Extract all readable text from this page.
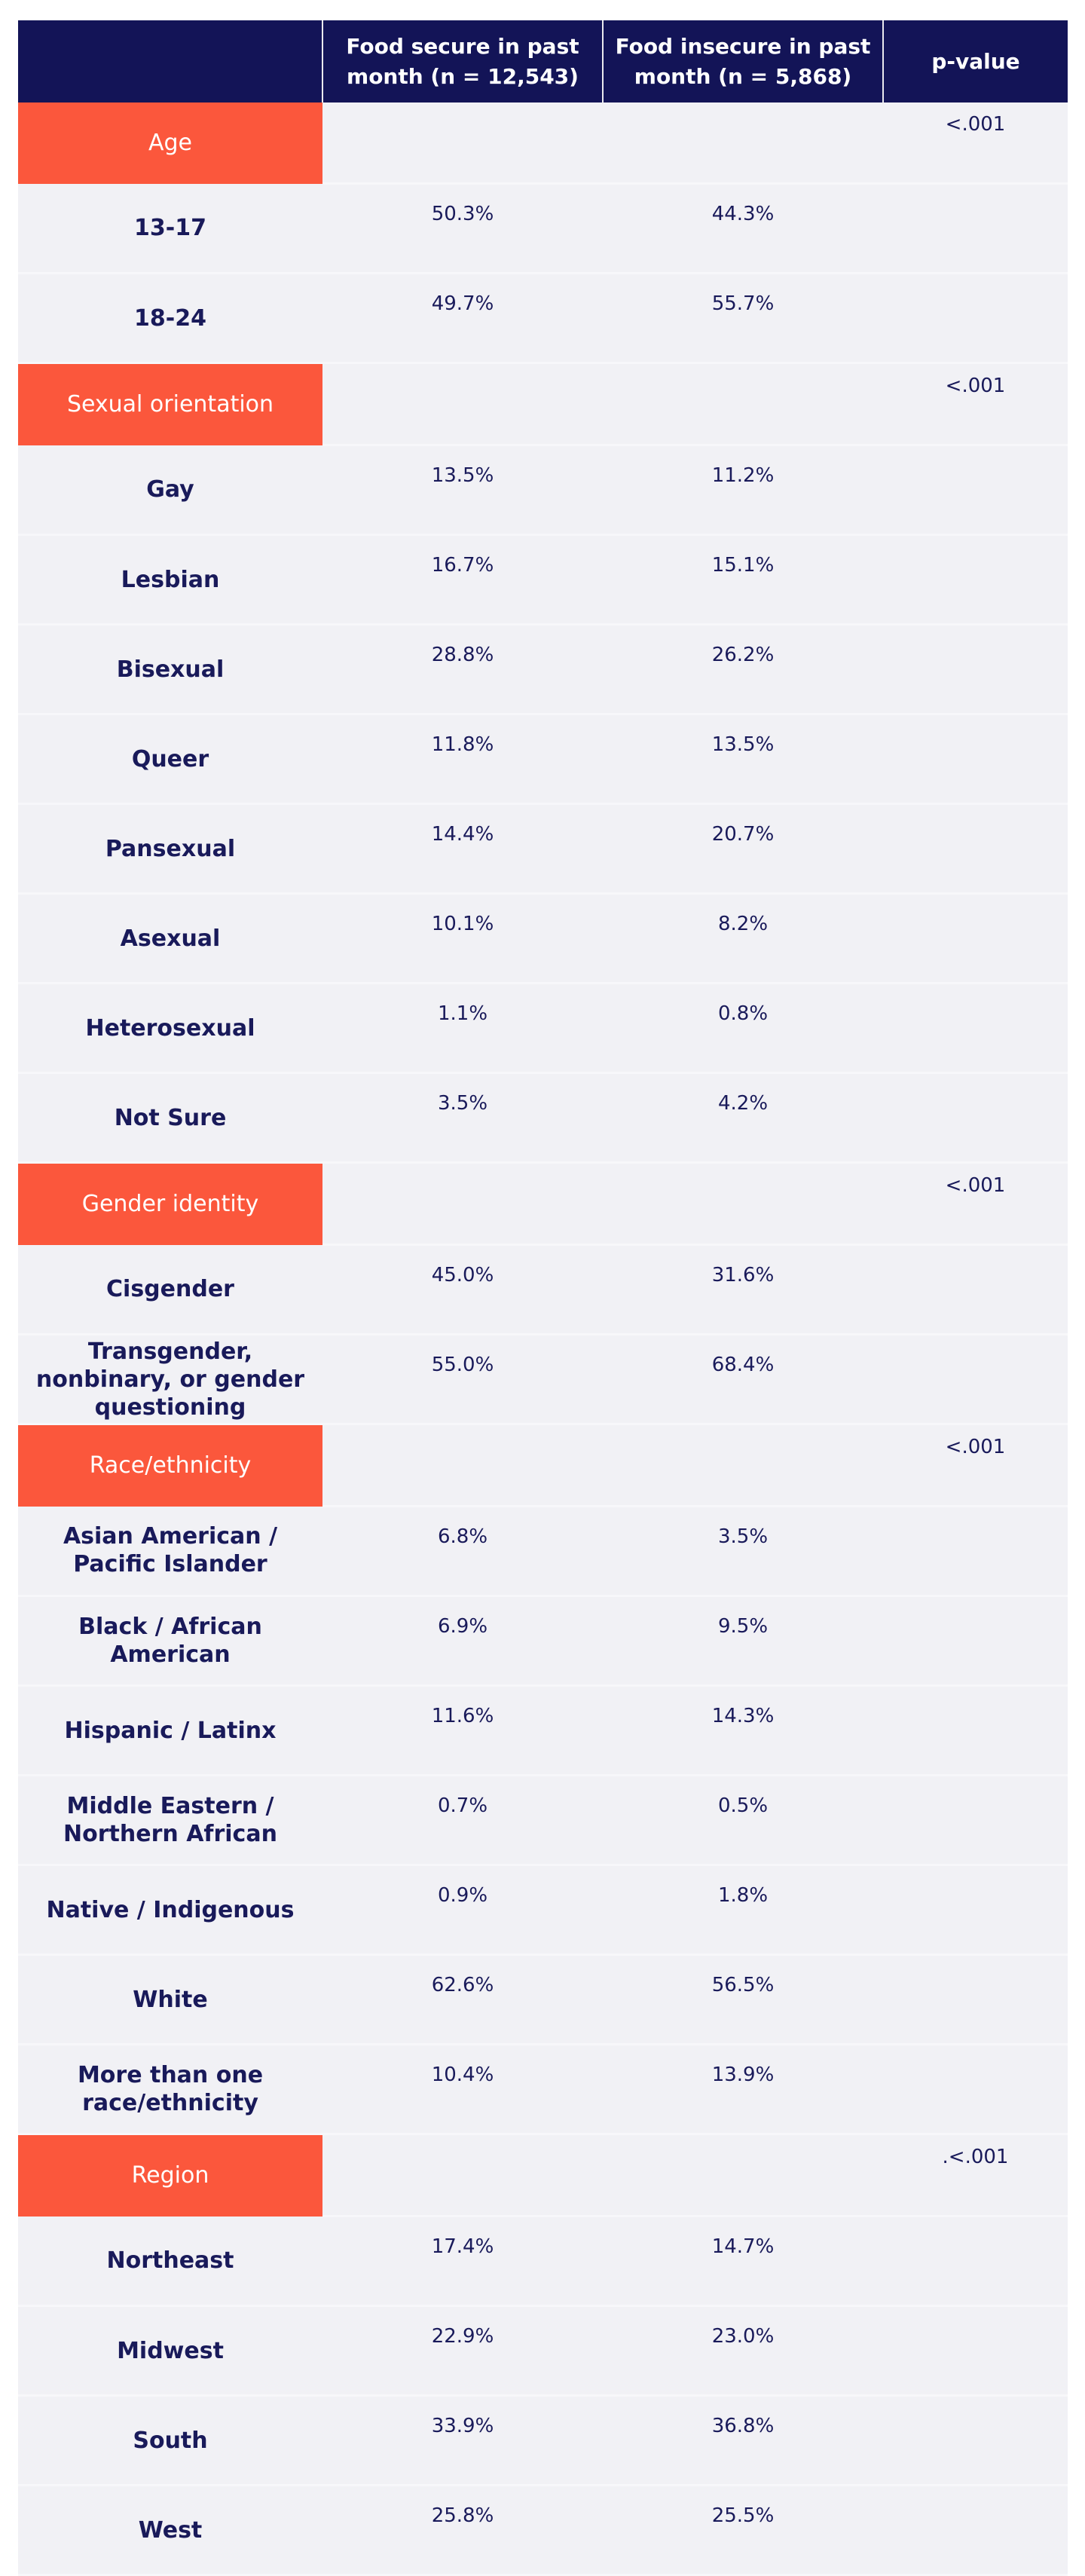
	Food secure in past month (n = 12,543)	Food insecure in past month (n = 5,868)	p-value
Age			<.001
13-17	50.3%	44.3%	
18-24	49.7%	55.7%	
Sexual orientation			<.001
Gay	13.5%	11.2%	
Lesbian	16.7%	15.1%	
Bisexual	28.8%	26.2%	
Queer	11.8%	13.5%	
Pansexual	14.4%	20.7%	
Asexual	10.1%	8.2%	
Heterosexual	1.1%	0.8%	
Not Sure	3.5%	4.2%	
Gender identity			<.001
Cisgender	45.0%	31.6%	
Transgender, nonbinary, or gender questioning	55.0%	68.4%	
Race/ethnicity			<.001
Asian American / Pacific Islander	6.8%	3.5%	
Black / African American	6.9%	9.5%	
Hispanic / Latinx	11.6%	14.3%	
Middle Eastern / Northern African	0.7%	0.5%	
Native / Indigenous	0.9%	1.8%	
White	62.6%	56.5%	
More than one race/ethnicity	10.4%	13.9%	
Region			.<.001
Northeast	17.4%	14.7%	
Midwest	22.9%	23.0%	
South	33.9%	36.8%	
West	25.8%	25.5%	
